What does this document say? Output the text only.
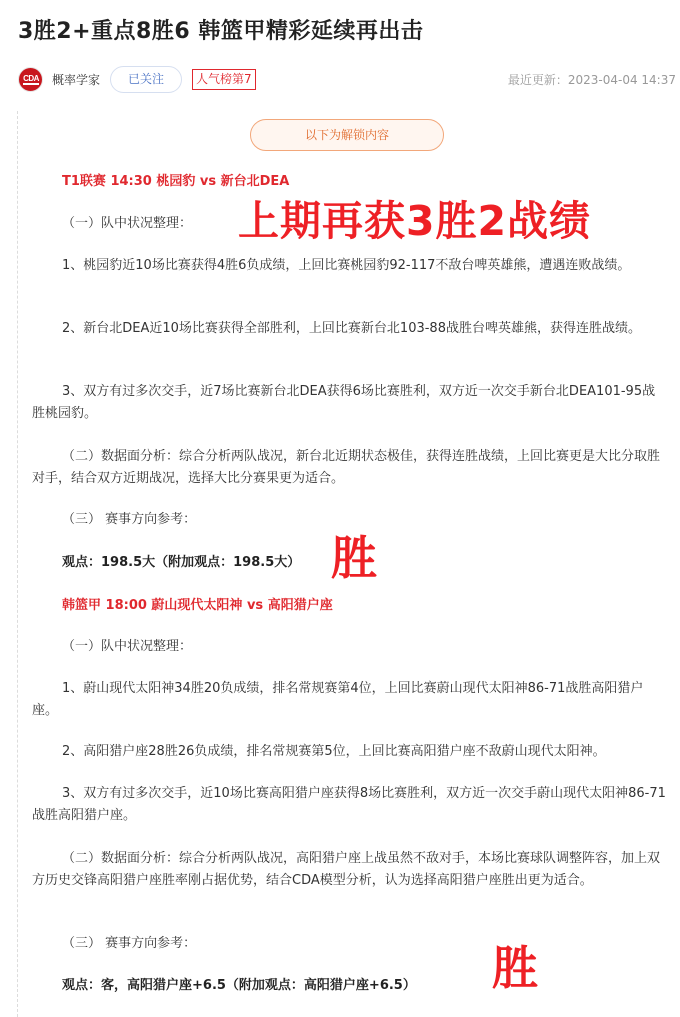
3胜2+重点8胜6 韩篮甲精彩延续再出击
CDA 概率学家	已关注	人气榜第7	最近更新：2023-04-04 14:37
以下为解锁内容
T1联赛 14:30 桃园豹 vs 新台北DEA
（一）队中状况整理：
1、桃园豹近10场比赛获得4胜6负成绩，上回比赛桃园豹92-117不敌台啤英雄熊，遭遇连败战绩。
2、新台北DEA近10场比赛获得全部胜利，上回比赛新台北103-88战胜台啤英雄熊，获得连胜战绩。
3、双方有过多次交手，近7场比赛新台北DEA获得6场比赛胜利，双方近一次交手新台北DEA101-95战胜桃园豹。
（二）数据面分析：综合分析两队战况，新台北近期状态极佳，获得连胜战绩，上回比赛更是大比分取胜对手，结合双方近期战况，选择大比分赛果更为适合。
（三） 赛事方向参考：
观点：198.5大（附加观点：198.5大）
韩篮甲 18:00 蔚山现代太阳神 vs 高阳猎户座
（一）队中状况整理：
1、蔚山现代太阳神34胜20负成绩，排名常规赛第4位，上回比赛蔚山现代太阳神86-71战胜高阳猎户座。
2、高阳猎户座28胜26负成绩，排名常规赛第5位，上回比赛高阳猎户座不敌蔚山现代太阳神。
3、双方有过多次交手，近10场比赛高阳猎户座获得8场比赛胜利，双方近一次交手蔚山现代太阳神86-71战胜高阳猎户座。
（二）数据面分析：综合分析两队战况，高阳猎户座上战虽然不敌对手，本场比赛球队调整阵容，加上双方历史交锋高阳猎户座胜率刚占据优势，结合CDA模型分析，认为选择高阳猎户座胜出更为适合。
（三） 赛事方向参考：
观点：客，高阳猎户座+6.5（附加观点：高阳猎户座+6.5）
上期再获3胜2战绩
胜
胜
